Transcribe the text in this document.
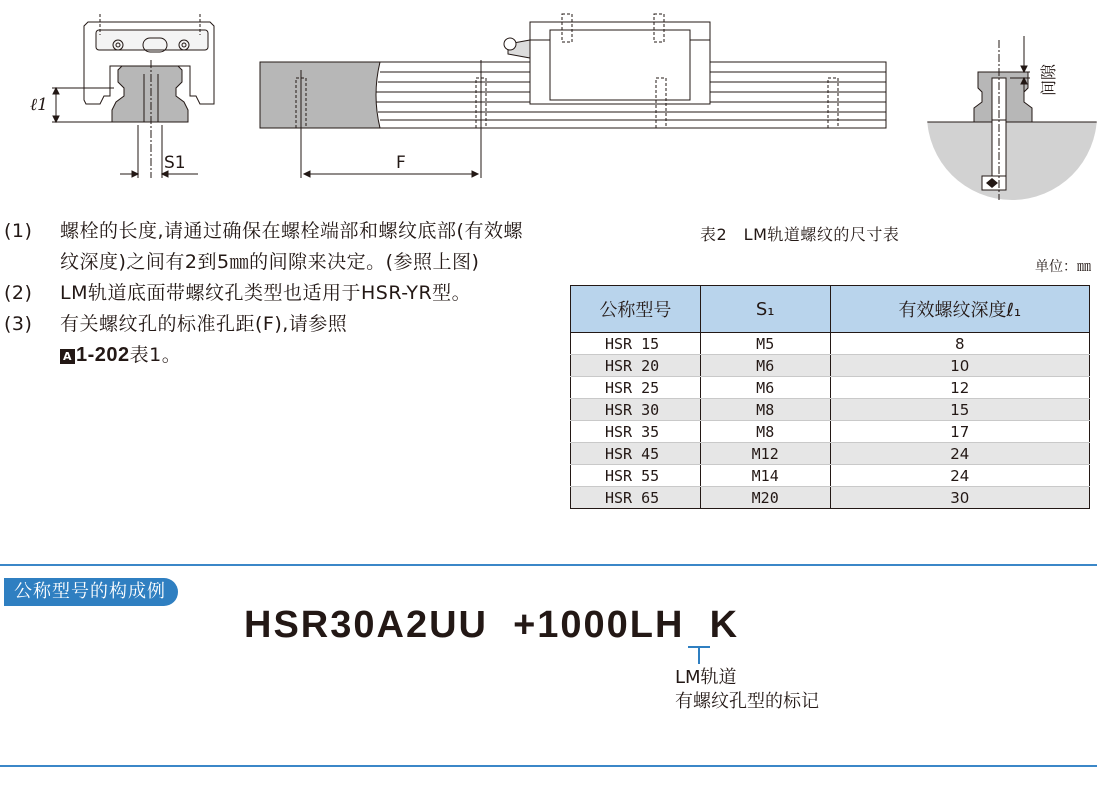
ℓ1
S1	F
间隙

(1) 螺栓的长度,请通过确保在螺栓端部和螺纹底部(有效螺纹深度)之间有2到5㎜的间隙来决定。(参照上图)

(2) LM轨道底面带螺纹孔类型也适用于HSR-YR型。

(3) 有关螺纹孔的标准孔距(F),请参照
A 1-202表1。

表2　LM轨道螺纹的尺寸表
单位：㎜
公称型号	S₁	有效螺纹深度ℓ₁
HSR 15	M5	8
HSR 20	M6	10
HSR 25	M6	12
HSR 30	M8	15
HSR 35	M8	17
HSR 45	M12	24
HSR 55	M14	24
HSR 65	M20	30
公称型号的构成例
HSR30A2UU  +1000LH  K
LM轨道
有螺纹孔型的标记
